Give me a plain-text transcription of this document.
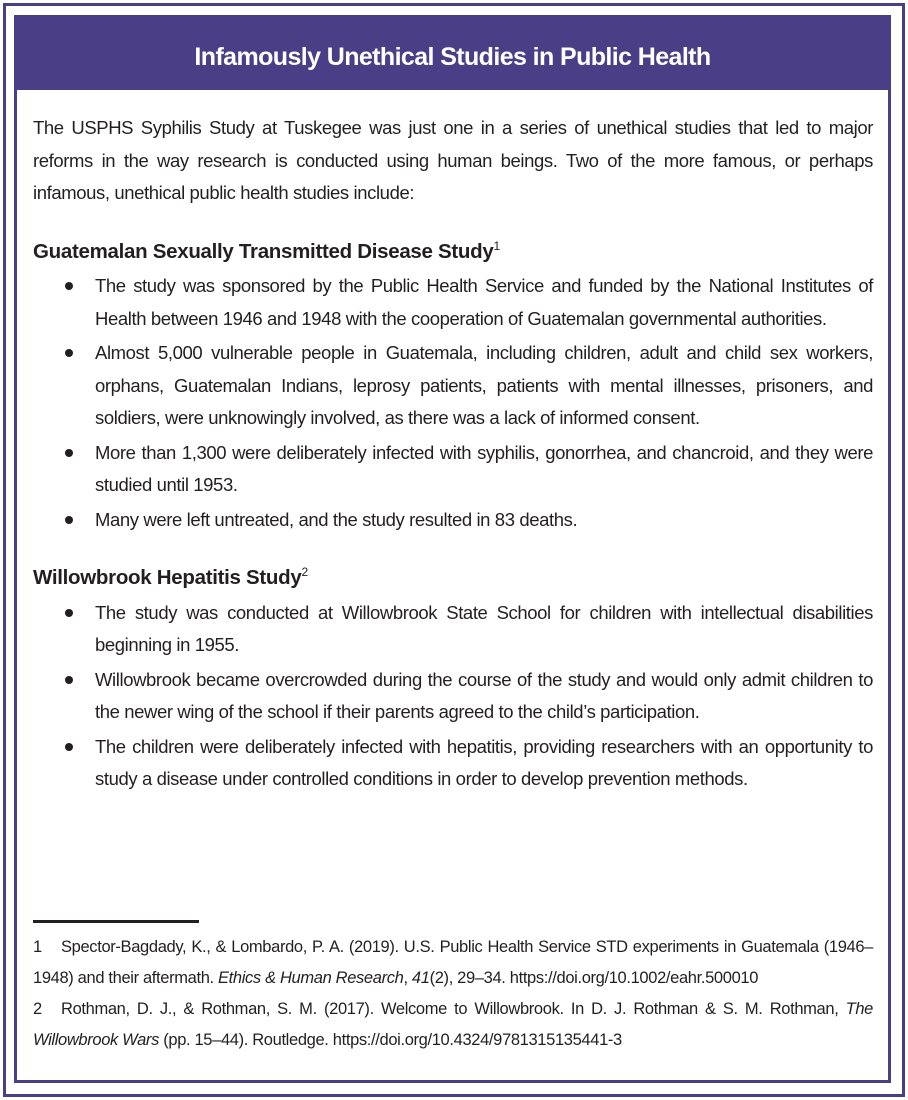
Infamously Unethical Studies in Public Health

The USPHS Syphilis Study at Tuskegee was just one in a series of unethical studies that led to major reforms in the way research is conducted using human beings. Two of the more famous, or perhaps infamous, unethical public health studies include:

Guatemalan Sexually Transmitted Disease Study$^1$

The study was sponsored by the Public Health Service and funded by the National Institutes of Health between 1946 and 1948 with the cooperation of Guatemalan governmental authorities.
Almost 5,000 vulnerable people in Guatemala, including children, adult and child sex workers, orphans, Guatemalan Indians, leprosy patients, patients with mental illnesses, prisoners, and soldiers, were unknowingly involved, as there was a lack of informed consent.
More than 1,300 were deliberately infected with syphilis, gonorrhea, and chancroid, and they were studied until 1953.
Many were left untreated, and the study resulted in 83 deaths.

Willowbrook Hepatitis Study$^2$

The study was conducted at Willowbrook State School for children with intellectual disabilities beginning in 1955.
Willowbrook became overcrowded during the course of the study and would only admit children to the newer wing of the school if their parents agreed to the child’s participation.
The children were deliberately infected with hepatitis, providing researchers with an opportunity to study a disease under controlled conditions in order to develop prevention methods.

1 Spector-Bagdady, K., & Lombardo, P. A. (2019). U.S. Public Health Service STD experiments in Guatemala (1946–1948) and their aftermath. Ethics & Human Research, 41(2), 29–34. https://doi.org/10.1002/eahr.500010

2 Rothman, D. J., & Rothman, S. M. (2017). Welcome to Willowbrook. In D. J. Rothman & S. M. Rothman, The Willowbrook Wars (pp. 15–44). Routledge. https://doi.org/10.4324/9781315135441-3
